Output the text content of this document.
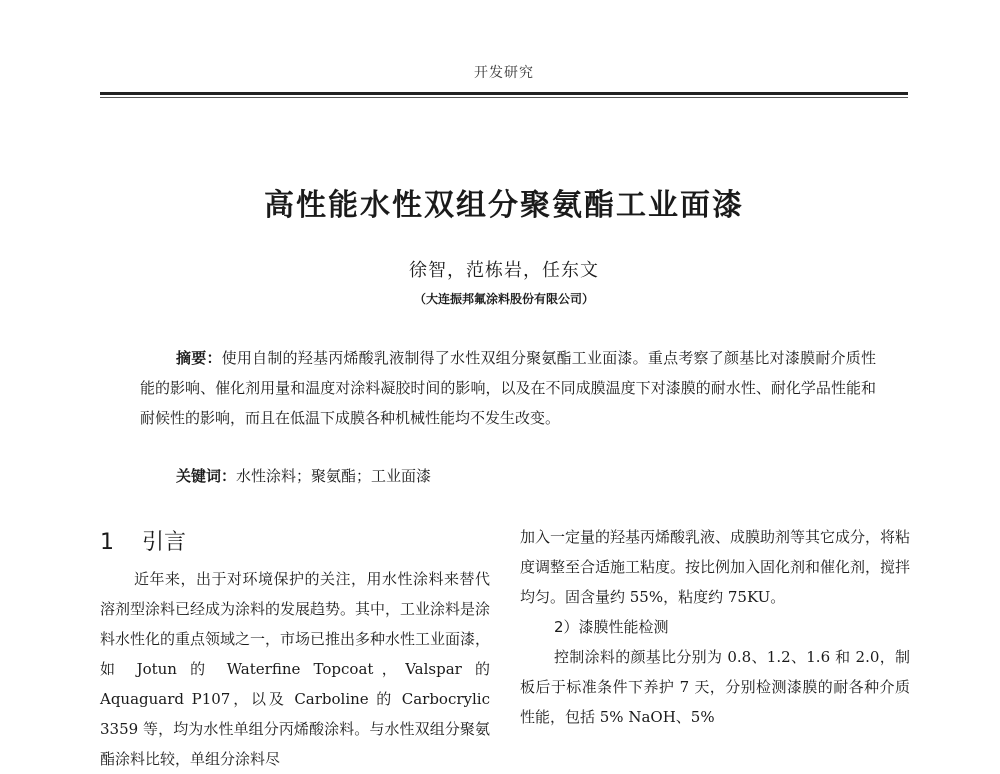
开发研究
高性能水性双组分聚氨酯工业面漆
徐智，范栋岩，任东文
（大连振邦氟涂料股份有限公司）
摘要：使用自制的羟基丙烯酸乳液制得了水性双组分聚氨酯工业面漆。重点考察了颜基比对漆膜耐介质性能的影响、催化剂用量和温度对涂料凝胶时间的影响，以及在不同成膜温度下对漆膜的耐水性、耐化学品性能和耐候性的影响，而且在低温下成膜各种机械性能均不发生改变。
关键词：水性涂料；聚氨酯；工业面漆
1 引言

近年来，出于对环境保护的关注，用水性涂料来替代溶剂型涂料已经成为涂料的发展趋势。其中，工业涂料是涂料水性化的重点领域之一，市场已推出多种水性工业面漆，如 Jotun 的 Waterfine Topcoat，Valspar 的 Aquaguard P107，以及 Carboline 的 Carbocrylic 3359 等，均为水性单组分丙烯酸涂料。与水性双组分聚氨酯涂料比较，单组分涂料尽

加入一定量的羟基丙烯酸乳液、成膜助剂等其它成分，将粘度调整至合适施工粘度。按比例加入固化剂和催化剂，搅拌均匀。固含量约 55%，粘度约 75KU。

2）漆膜性能检测

控制涂料的颜基比分别为 0.8、1.2、1.6 和 2.0，制板后于标准条件下养护 7 天，分别检测漆膜的耐各种介质性能，包括 5% NaOH、5%
